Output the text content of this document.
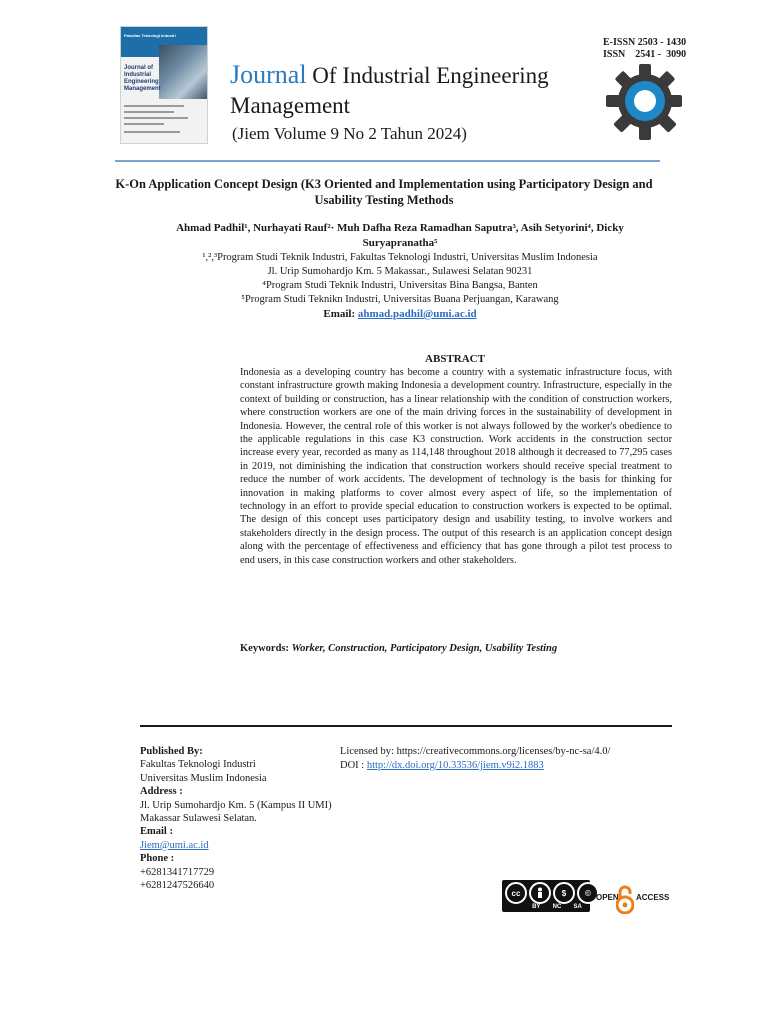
Fakultas Teknologi Industri
Journal of Industrial Engineering Management	Journal Of Industrial Engineering Management
(Jiem Volume 9 No 2 Tahun 2024)
E-ISSN 2503 - 1430
ISSN    2541 -  3090
K-On Application Concept Design (K3 Oriented and Implementation using Participatory Design and Usability Testing Methods
Ahmad Padhil¹, Nurhayati Rauf²· Muh Dafha Reza Ramadhan Saputra³, Asih Setyorini⁴, Dicky Suryapranatha⁵
¹,²,³Program Studi Teknik Industri, Fakultas Teknologi Industri, Universitas Muslim Indonesia
Jl. Urip Sumohardjo Km. 5 Makassar., Sulawesi Selatan 90231
⁴Program Studi Teknik Industri, Universitas Bina Bangsa, Banten
⁵Program Studi Teknikn Industri, Universitas Buana Perjuangan, Karawang
Email: ahmad.padhil@umi.ac.id
ABSTRACT
Indonesia as a developing country has become a country with a systematic infrastructure focus, with constant infrastructure growth making Indonesia a development country. Infrastructure, especially in the context of building or construction, has a linear relationship with the condition of construction workers, where construction workers are one of the main driving forces in the sustainability of development in Indonesia. However, the central role of this worker is not always followed by the worker's obedience to the applicable regulations in this case K3 construction. Work accidents in the construction sector increase every year, recorded as many as 114,148 throughout 2018 although it decreased to 77,295 cases in 2019, not diminishing the indication that construction workers should receive special treatment to reduce the number of work accidents. The development of technology is the basis for thinking for innovation in making platforms to cover almost every aspect of life, so the implementation of technology in an effort to provide special education to construction workers is expected to be optimal. The design of this concept uses participatory design and usability testing, to involve workers and stakeholders directly in the design process. The output of this research is an application concept design along with the percentage of effectiveness and efficiency that has gone through a pilot test process to end users, in this case construction workers and other stakeholders.
Keywords: Worker, Construction, Participatory Design, Usability Testing
Published By:
Fakultas Teknologi Industri
Universitas Muslim Indonesia
Address :
Jl. Urip Sumohardjo Km. 5 (Kampus II UMI)
Makassar Sulawesi Selatan.
Email :
Jiem@umi.ac.id
Phone :
+6281341717729
+6281247526640
Licensed by: https://creativecommons.org/licenses/by-nc-sa/4.0/
DOI : http://dx.doi.org/10.33536/jiem.v9i2.1883
cc	$	©
BY NC SA
OPEN ACCESS
